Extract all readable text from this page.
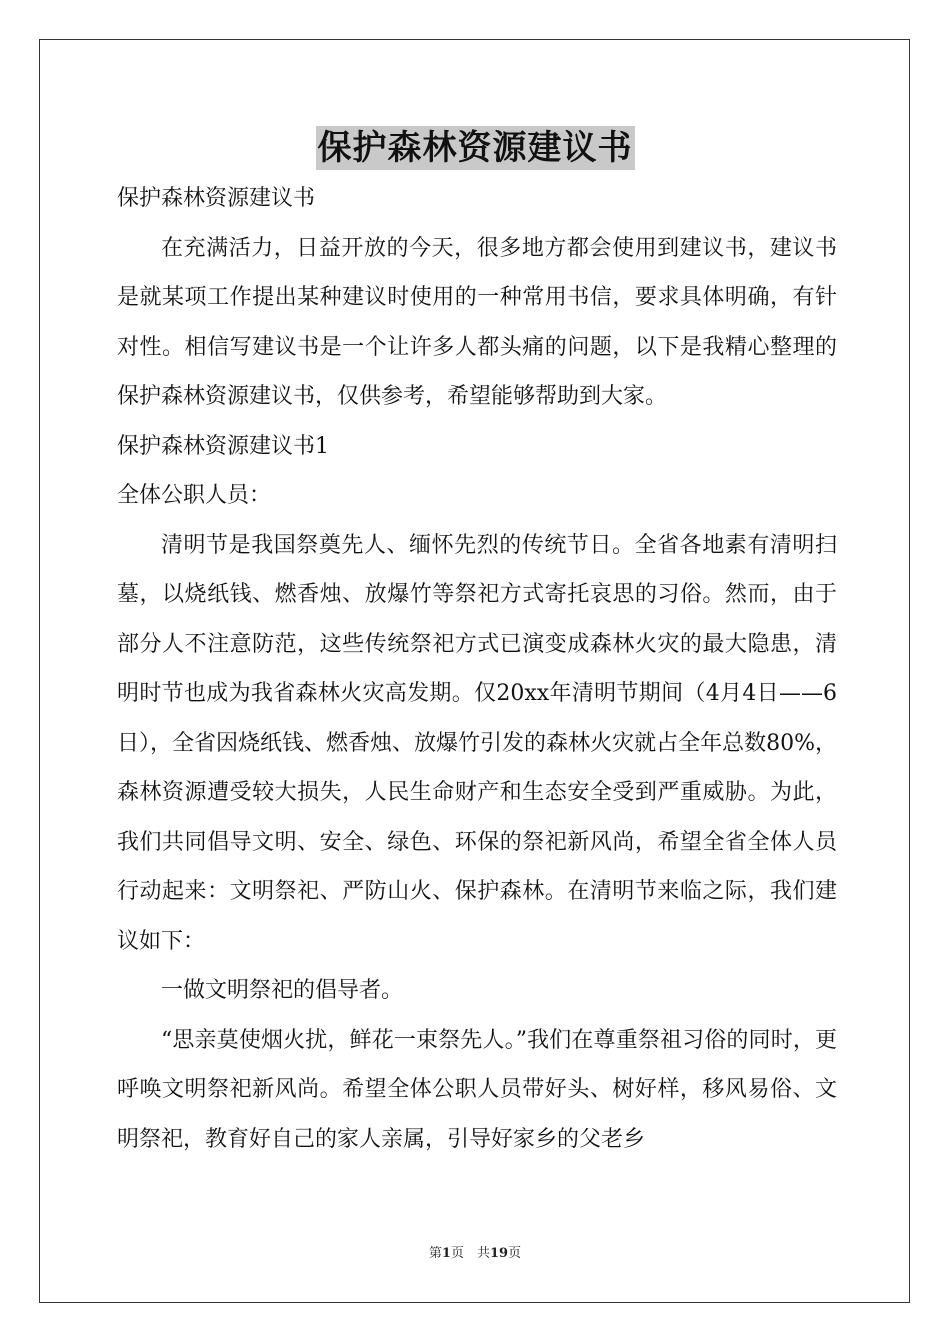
保护森林资源建议书

保护森林资源建议书

在充满活力，日益开放的今天，很多地方都会使用到建议书，建议书是就某项工作提出某种建议时使用的一种常用书信，要求具体明确，有针对性。相信写建议书是一个让许多人都头痛的问题，以下是我精心整理的保护森林资源建议书，仅供参考，希望能够帮助到大家。

保护森林资源建议书1

全体公职人员：

清明节是我国祭奠先人、缅怀先烈的传统节日。全省各地素有清明扫墓，以烧纸钱、燃香烛、放爆竹等祭祀方式寄托哀思的习俗。然而，由于部分人不注意防范，这些传统祭祀方式已演变成森林火灾的最大隐患，清明时节也成为我省森林火灾高发期。仅20xx年清明节期间（4月4日——6日），全省因烧纸钱、燃香烛、放爆竹引发的森林火灾就占全年总数80%，森林资源遭受较大损失，人民生命财产和生态安全受到严重威胁。为此，我们共同倡导文明、安全、绿色、环保的祭祀新风尚，希望全省全体人员行动起来：文明祭祀、严防山火、保护森林。在清明节来临之际，我们建议如下：

一做文明祭祀的倡导者。

“思亲莫使烟火扰，鲜花一束祭先人。”我们在尊重祭祖习俗的同时，更呼唤文明祭祀新风尚。希望全体公职人员带好头、树好样，移风易俗、文明祭祀，教育好自己的家人亲属，引导好家乡的父老乡

第1页　共19页
